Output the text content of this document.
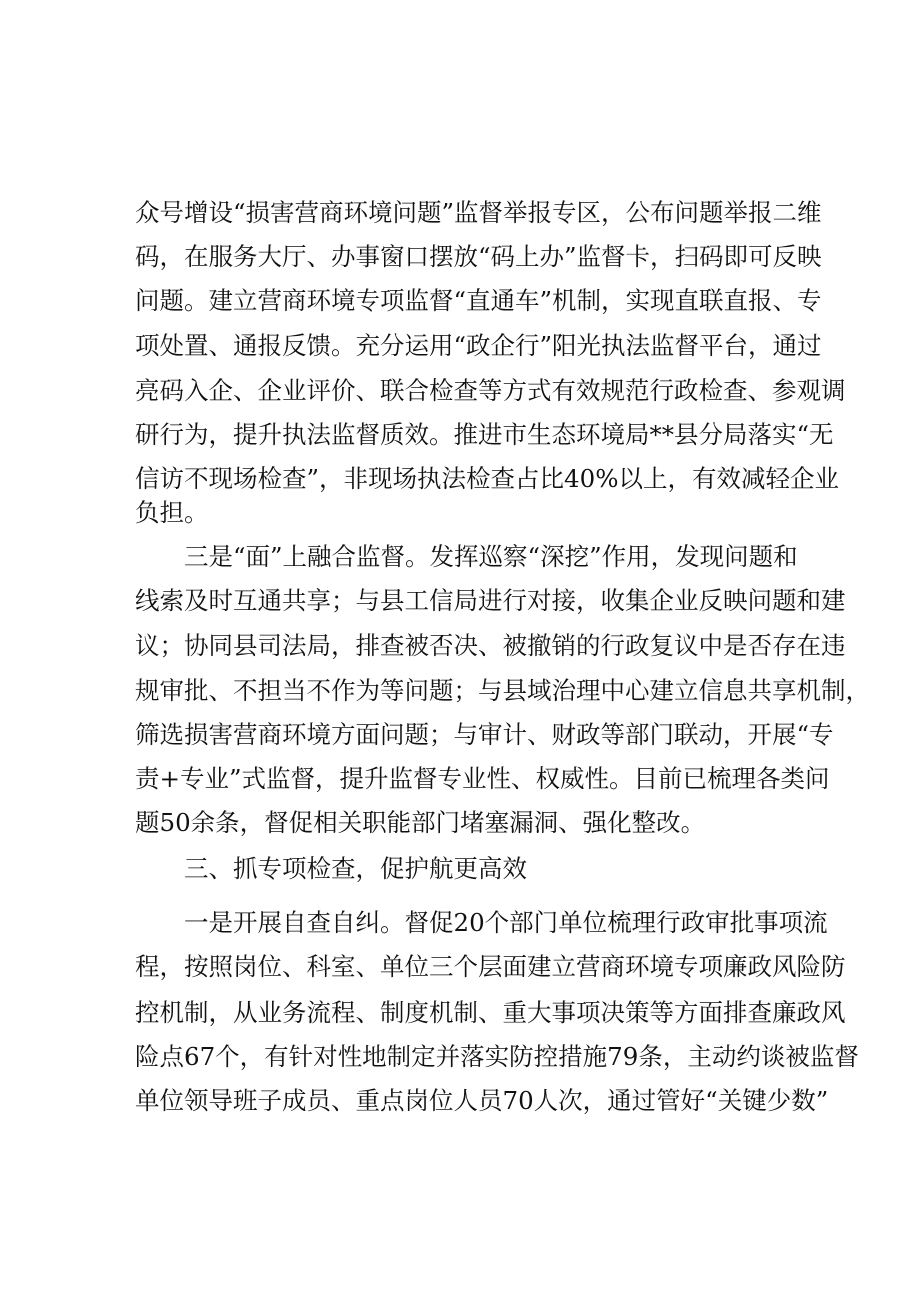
众号增设“损害营商环境问题”监督举报专区，公布问题举报二维
码，在服务大厅、办事窗口摆放“码上办”监督卡，扫码即可反映
问题。建立营商环境专项监督“直通车”机制，实现直联直报、专
项处置、通报反馈。充分运用“政企行”阳光执法监督平台，通过
亮码入企、企业评价、联合检查等方式有效规范行政检查、参观调
研行为，提升执法监督质效。推进市生态环境局**县分局落实“无
信访不现场检查”，非现场执法检查占比40%以上，有效减轻企业
负担。
三是“面”上融合监督。发挥巡察“深挖”作用，发现问题和
线索及时互通共享；与县工信局进行对接，收集企业反映问题和建
议；协同县司法局，排查被否决、被撤销的行政复议中是否存在违
规审批、不担当不作为等问题；与县域治理中心建立信息共享机制，
筛选损害营商环境方面问题；与审计、财政等部门联动，开展“专
责+专业”式监督，提升监督专业性、权威性。目前已梳理各类问
题50余条，督促相关职能部门堵塞漏洞、强化整改。
三、抓专项检查，促护航更高效
一是开展自查自纠。督促20个部门单位梳理行政审批事项流
程，按照岗位、科室、单位三个层面建立营商环境专项廉政风险防
控机制，从业务流程、制度机制、重大事项决策等方面排查廉政风
险点67个，有针对性地制定并落实防控措施79条，主动约谈被监督
单位领导班子成员、重点岗位人员70人次，通过管好“关键少数”
